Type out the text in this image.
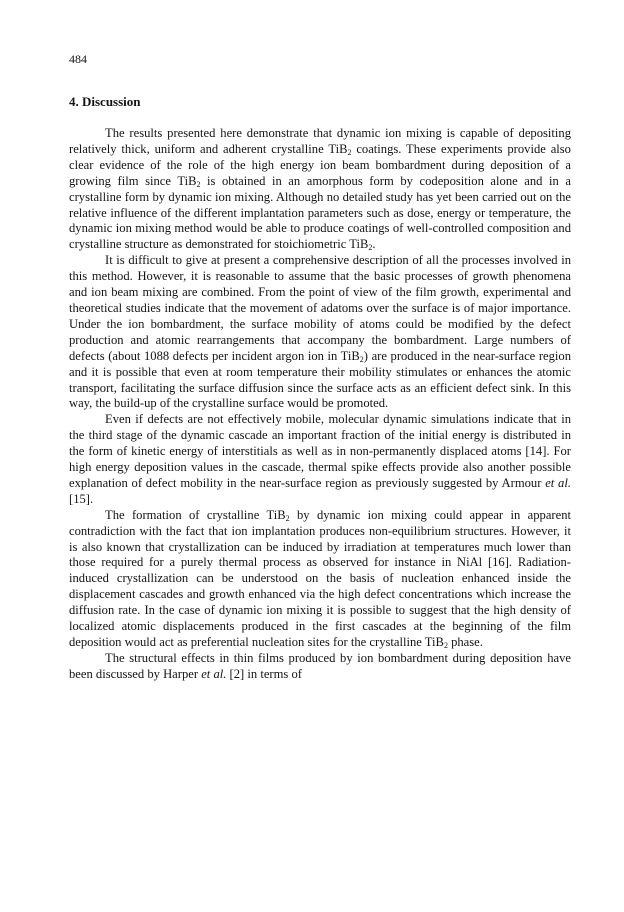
484
4. Discussion

The results presented here demonstrate that dynamic ion mixing is capable of depositing relatively thick, uniform and adherent crystalline TiB$_2$ coatings. These experiments provide also clear evidence of the role of the high energy ion beam bombardment during deposition of a growing film since TiB$_2$ is obtained in an amorphous form by codeposition alone and in a crystalline form by dynamic ion mixing. Although no detailed study has yet been carried out on the relative influence of the different implantation parameters such as dose, energy or temperature, the dynamic ion mixing method would be able to produce coatings of well-controlled composition and crystalline structure as demonstrated for stoichiometric TiB$_2$.

It is difficult to give at present a comprehensive description of all the processes involved in this method. However, it is reasonable to assume that the basic processes of growth phenomena and ion beam mixing are combined. From the point of view of the film growth, experimental and theoretical studies indicate that the movement of adatoms over the surface is of major importance. Under the ion bombardment, the surface mobility of atoms could be modified by the defect production and atomic rearrangements that accompany the bombardment. Large numbers of defects (about 1088 defects per incident argon ion in TiB$_2$) are produced in the near-surface region and it is possible that even at room temperature their mobility stimulates or enhances the atomic transport, facilitating the surface diffusion since the surface acts as an efficient defect sink. In this way, the build-up of the crystalline surface would be promoted.

Even if defects are not effectively mobile, molecular dynamic simulations indicate that in the third stage of the dynamic cascade an important fraction of the initial energy is distributed in the form of kinetic energy of interstitials as well as in non-permanently displaced atoms [14]. For high energy deposition values in the cascade, thermal spike effects provide also another possible explanation of defect mobility in the near-surface region as previously suggested by Armour et al. [15].

The formation of crystalline TiB$_2$ by dynamic ion mixing could appear in apparent contradiction with the fact that ion implantation produces non-equilibrium structures. However, it is also known that crystallization can be induced by irradiation at temperatures much lower than those required for a purely thermal process as observed for instance in NiAl [16]. Radiation-induced crystallization can be understood on the basis of nucleation enhanced inside the displacement cascades and growth enhanced via the high defect concentrations which increase the diffusion rate. In the case of dynamic ion mixing it is possible to suggest that the high density of localized atomic displacements produced in the first cascades at the beginning of the film deposition would act as preferential nucleation sites for the crystalline TiB$_2$ phase.

The structural effects in thin films produced by ion bombardment during deposition have been discussed by Harper et al. [2] in terms of
